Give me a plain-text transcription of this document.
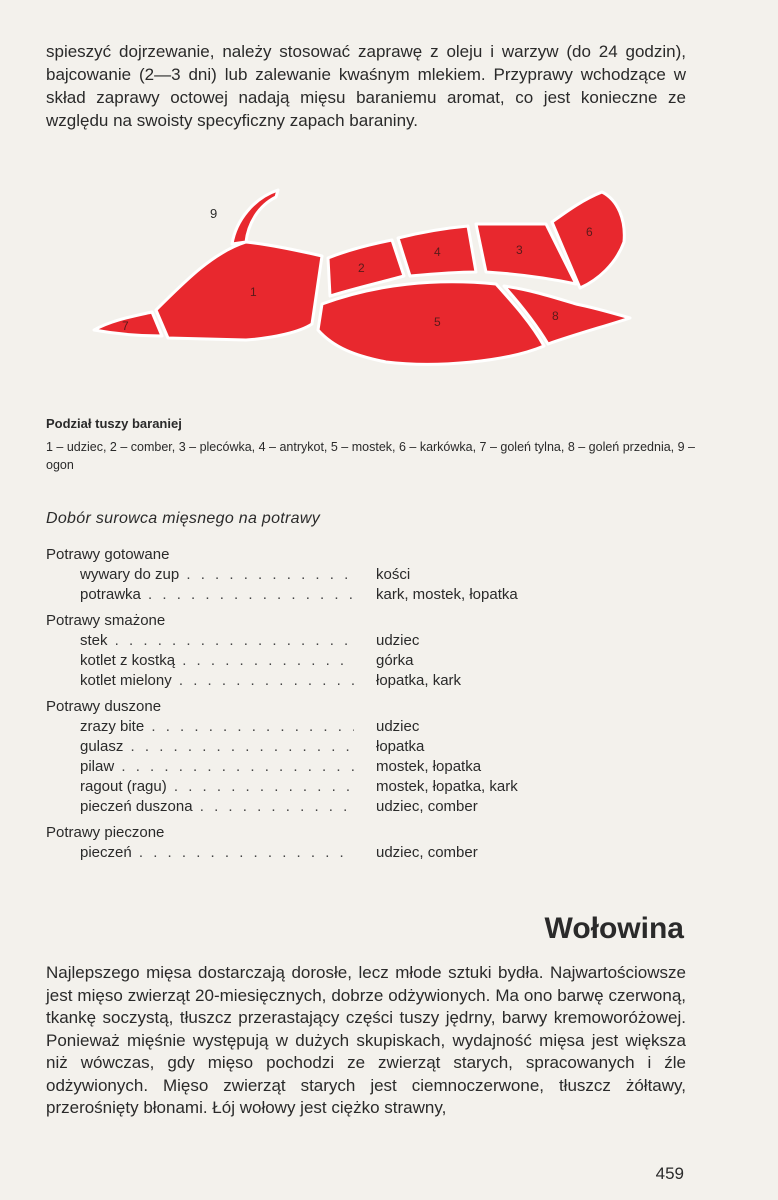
spieszyć dojrzewanie, należy stosować zaprawę z oleju i warzyw (do 24 godzin), bajcowanie (2—3 dni) lub zalewanie kwaśnym mlekiem. Przyprawy wchodzące w skład zaprawy octowej nadają mięsu baraniemu aromat, co jest konieczne ze względu na swoisty specyficzny zapach baraniny.

9
7
1
2
4	3
6
5	8

Podział tuszy baraniej

1 – udziec, 2 – comber, 3 – plecówka, 4 – antrykot, 5 – mostek, 6 – karkówka, 7 – goleń tylna, 8 – goleń przednia, 9 – ogon

Dobór surowca mięsnego na potrawy

Potrawy gotowane
wywary do zup . . .	kości
potrawka . . .	kark, mostek, łopatka
Potrawy smażone
stek . . .	udziec
kotlet z kostką . . .	górka
kotlet mielony . . .	łopatka, kark
Potrawy duszone
zrazy bite . . .	udziec
gulasz . . .	łopatka
pilaw . . .	mostek, łopatka
ragout (ragu) . . .	mostek, łopatka, kark
pieczeń duszona . . .	udziec, comber
Potrawy pieczone
pieczeń . . .	udziec, comber
Wołowina

Najlepszego mięsa dostarczają dorosłe, lecz młode sztuki bydła. Najwartościowsze jest mięso zwierząt 20-miesięcznych, dobrze odżywionych. Ma ono barwę czerwoną, tkankę soczystą, tłuszcz przerastający części tuszy jędrny, barwy kremoworóżowej. Ponieważ mięśnie występują w dużych skupiskach, wydajność mięsa jest większa niż wówczas, gdy mięso pochodzi ze zwierząt starych, spracowanych i źle odżywionych. Mięso zwierząt starych jest ciemnoczerwone, tłuszcz żółtawy, przerośnięty błonami. Łój wołowy jest ciężko strawny,

459
